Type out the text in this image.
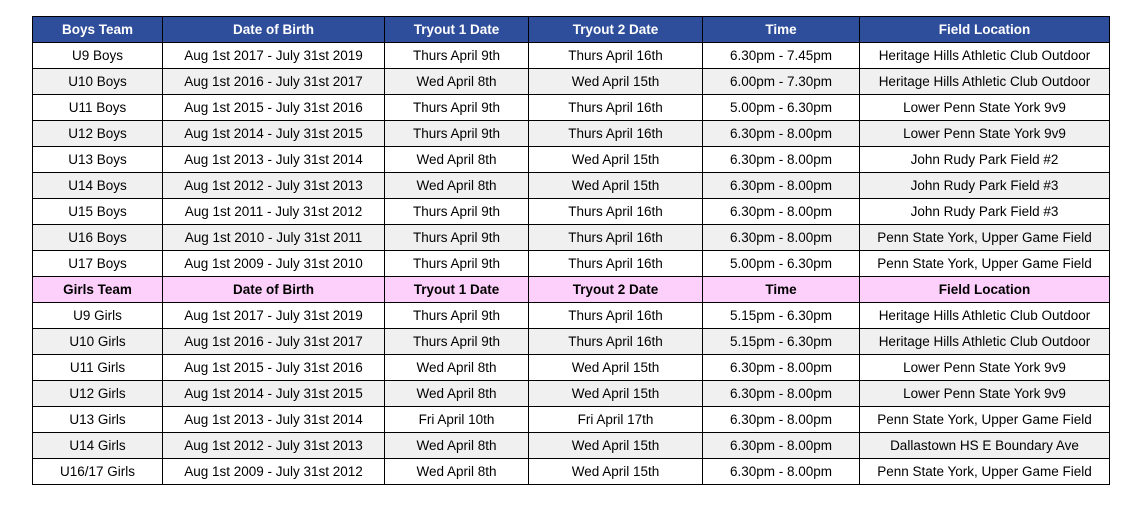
Boys Team	Date of Birth	Tryout 1 Date	Tryout 2 Date	Time	Field Location
U9 Boys	Aug 1st 2017 - July 31st 2019	Thurs April 9th	Thurs April 16th	6.30pm - 7.45pm	Heritage Hills Athletic Club Outdoor
U10 Boys	Aug 1st 2016 - July 31st 2017	Wed April 8th	Wed April 15th	6.00pm - 7.30pm	Heritage Hills Athletic Club Outdoor
U11 Boys	Aug 1st 2015 - July 31st 2016	Thurs April 9th	Thurs April 16th	5.00pm - 6.30pm	Lower Penn State York 9v9
U12 Boys	Aug 1st 2014 - July 31st 2015	Thurs April 9th	Thurs April 16th	6.30pm - 8.00pm	Lower Penn State York 9v9
U13 Boys	Aug 1st 2013 - July 31st 2014	Wed April 8th	Wed April 15th	6.30pm - 8.00pm	John Rudy Park Field #2
U14 Boys	Aug 1st 2012 - July 31st 2013	Wed April 8th	Wed April 15th	6.30pm - 8.00pm	John Rudy Park Field #3
U15 Boys	Aug 1st 2011 - July 31st 2012	Thurs April 9th	Thurs April 16th	6.30pm - 8.00pm	John Rudy Park Field #3
U16 Boys	Aug 1st 2010 - July 31st 2011	Thurs April 9th	Thurs April 16th	6.30pm - 8.00pm	Penn State York, Upper Game Field
U17 Boys	Aug 1st 2009 - July 31st 2010	Thurs April 9th	Thurs April 16th	5.00pm - 6.30pm	Penn State York, Upper Game Field
Girls Team	Date of Birth	Tryout 1 Date	Tryout 2 Date	Time	Field Location
U9 Girls	Aug 1st 2017 - July 31st 2019	Thurs April 9th	Thurs April 16th	5.15pm - 6.30pm	Heritage Hills Athletic Club Outdoor
U10 Girls	Aug 1st 2016 - July 31st 2017	Thurs April 9th	Thurs April 16th	5.15pm - 6.30pm	Heritage Hills Athletic Club Outdoor
U11 Girls	Aug 1st 2015 - July 31st 2016	Wed April 8th	Wed April 15th	6.30pm - 8.00pm	Lower Penn State York 9v9
U12 Girls	Aug 1st 2014 - July 31st 2015	Wed April 8th	Wed April 15th	6.30pm - 8.00pm	Lower Penn State York 9v9
U13 Girls	Aug 1st 2013 - July 31st 2014	Fri April 10th	Fri April 17th	6.30pm - 8.00pm	Penn State York, Upper Game Field
U14 Girls	Aug 1st 2012 - July 31st 2013	Wed April 8th	Wed April 15th	6.30pm - 8.00pm	Dallastown HS E Boundary Ave
U16/17 Girls	Aug 1st 2009 - July 31st 2012	Wed April 8th	Wed April 15th	6.30pm - 8.00pm	Penn State York, Upper Game Field
